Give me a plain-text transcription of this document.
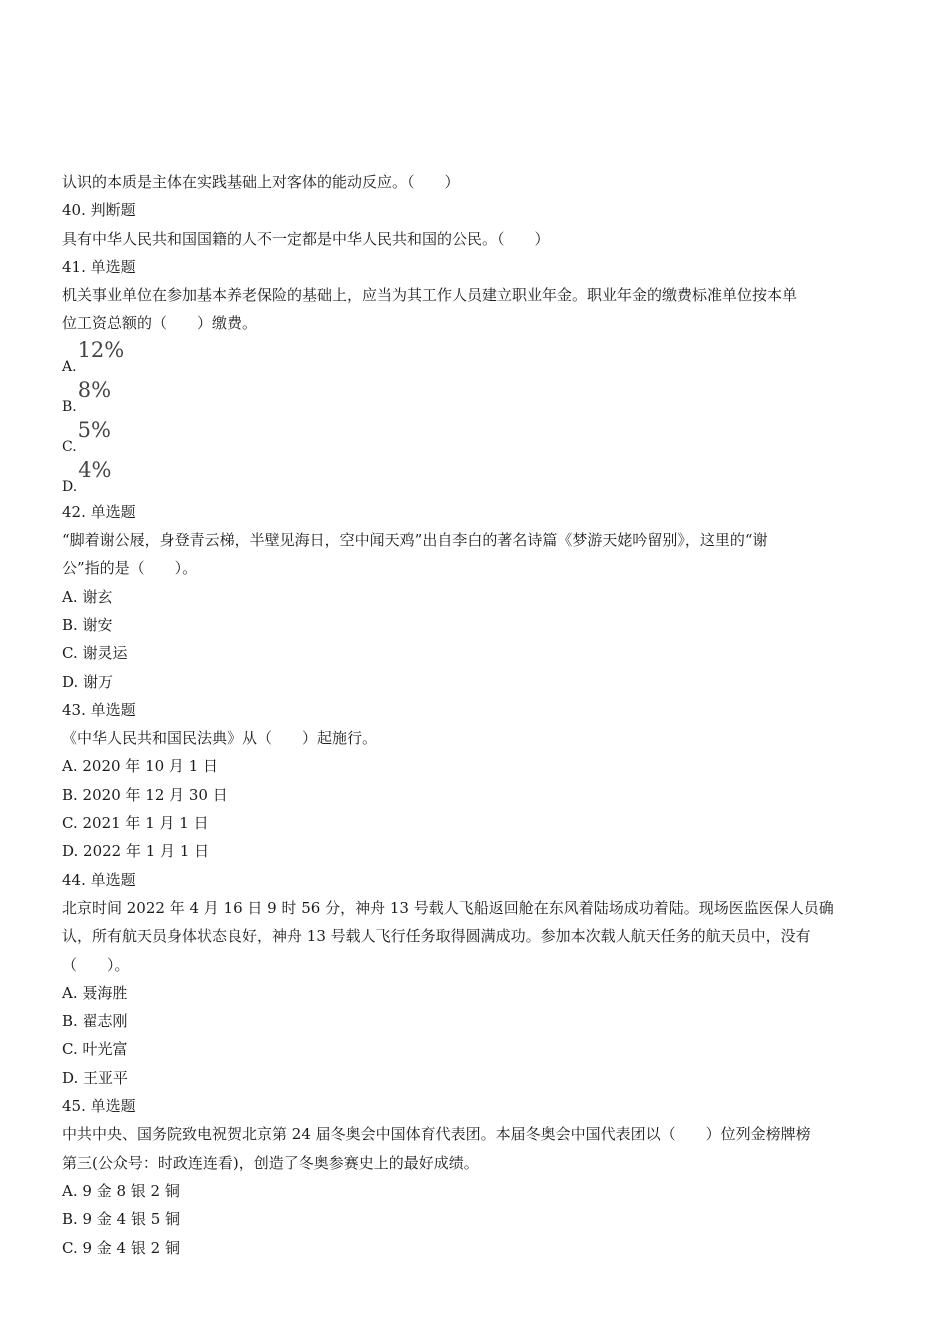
认识的本质是主体在实践基础上对客体的能动反应。（　　）

40. 判断题

具有中华人民共和国国籍的人不一定都是中华人民共和国的公民。（　　）

41. 单选题

机关事业单位在参加基本养老保险的基础上，应当为其工作人员建立职业年金。职业年金的缴费标准单位按本单

位工资总额的（　　）缴费。

A.
12%
B.
8%
C.
5%
D.
4%

42. 单选题

“脚着谢公屐，身登青云梯，半壁见海日，空中闻天鸡”出自李白的著名诗篇《梦游天姥吟留别》，这里的“谢

公”指的是（　　）。

A. 谢玄

B. 谢安

C. 谢灵运

D. 谢万

43. 单选题

《中华人民共和国民法典》从（　　）起施行。

A. 2020 年 10 月 1 日

B. 2020 年 12 月 30 日

C. 2021 年 1 月 1 日

D. 2022 年 1 月 1 日

44. 单选题

北京时间 2022 年 4 月 16 日 9 时 56 分，神舟 13 号载人飞船返回舱在东风着陆场成功着陆。现场医监医保人员确

认，所有航天员身体状态良好，神舟 13 号载人飞行任务取得圆满成功。参加本次载人航天任务的航天员中，没有

（　　）。

A. 聂海胜

B. 翟志刚

C. 叶光富

D. 王亚平

45. 单选题

中共中央、国务院致电祝贺北京第 24 届冬奥会中国体育代表团。本届冬奥会中国代表团以（　　）位列金榜牌榜

第三(公众号：时政连连看)，创造了冬奥参赛史上的最好成绩。

A. 9 金 8 银 2 铜

B. 9 金 4 银 5 铜

C. 9 金 4 银 2 铜
